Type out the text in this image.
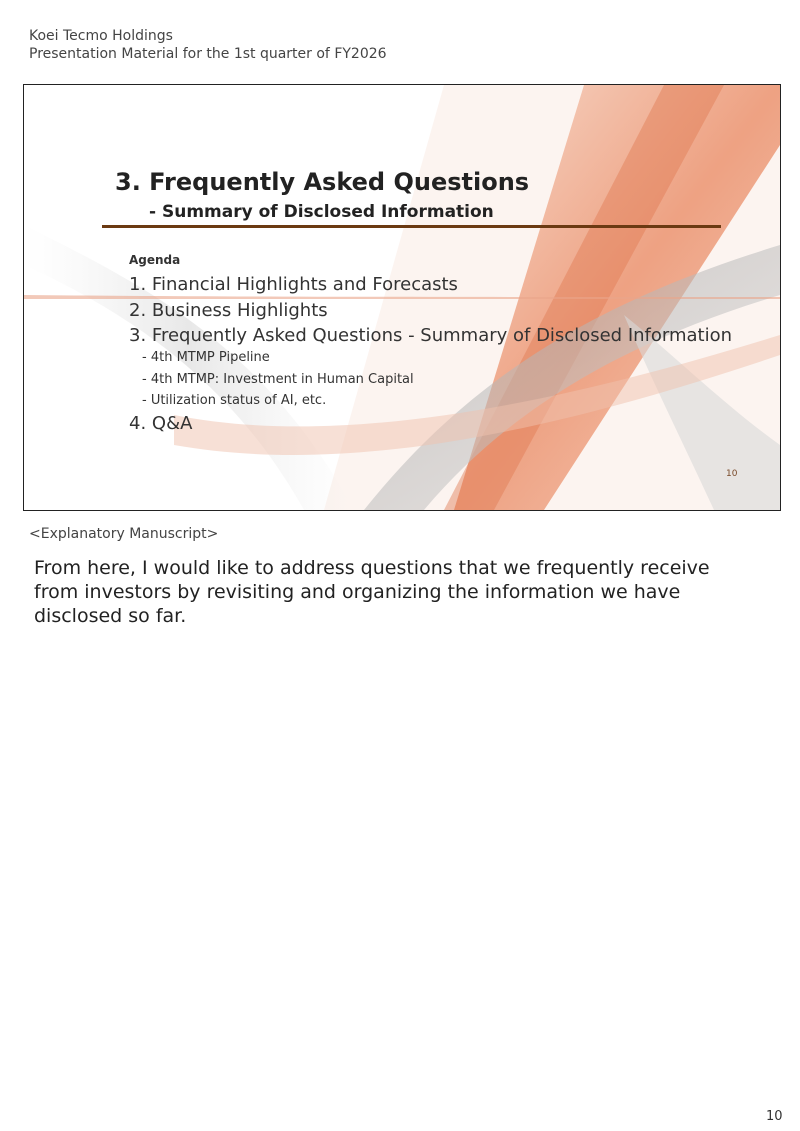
Koei Tecmo Holdings
Presentation Material for the 1st quarter of FY2026
3. Frequently Asked Questions
- Summary of Disclosed Information
Agenda
1. Financial Highlights and Forecasts
2. Business Highlights
3. Frequently Asked Questions - Summary of Disclosed Information
- 4th MTMP Pipeline
- 4th MTMP: Investment in Human Capital
- Utilization status of AI, etc.
4. Q&A
10
<Explanatory Manuscript>
From here, I would like to address questions that we frequently receive from investors by revisiting and organizing the information we have disclosed so far.
10
